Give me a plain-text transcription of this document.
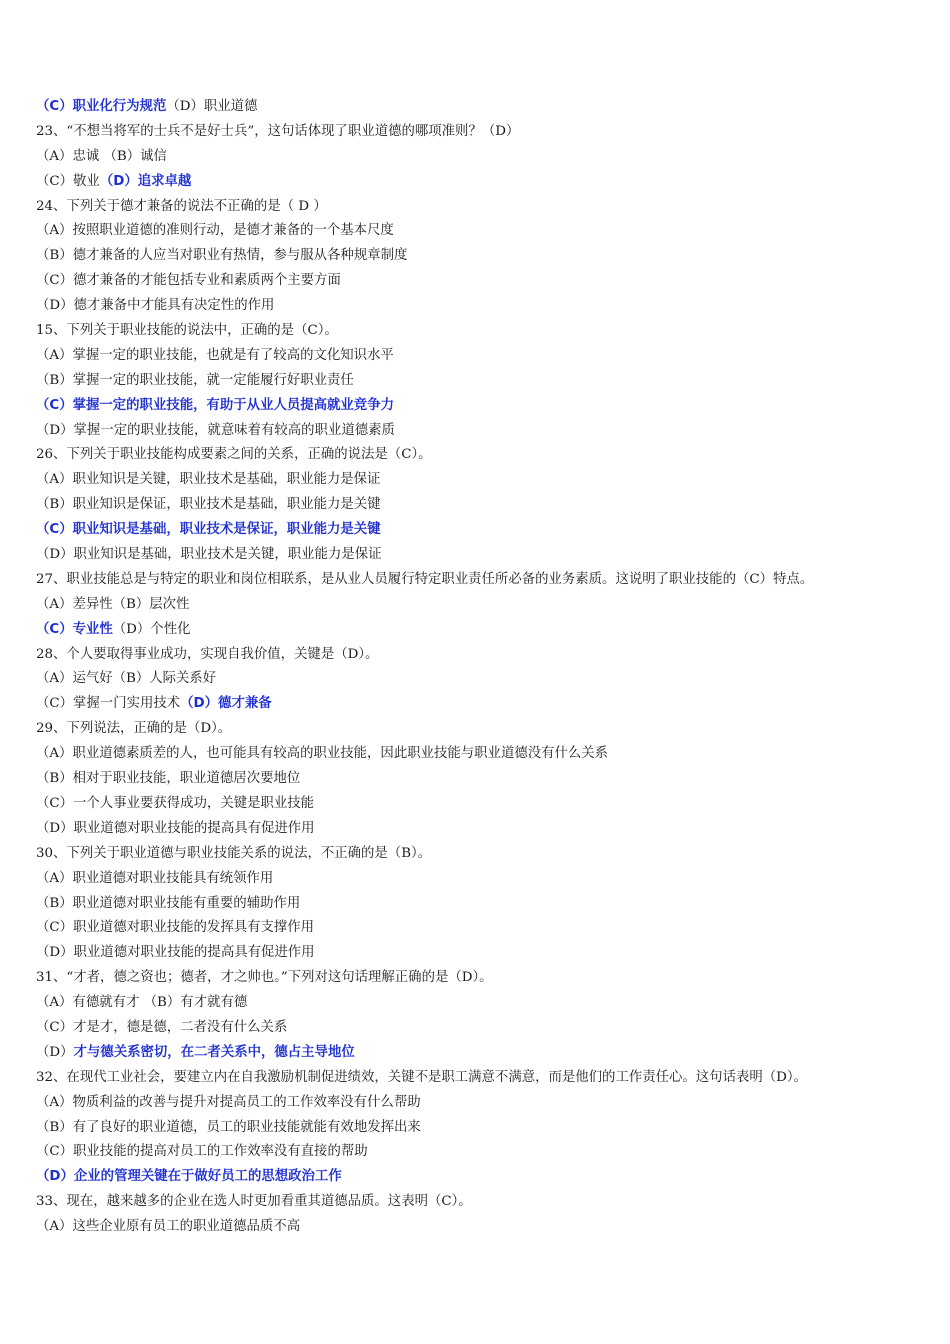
（C）职业化行为规范（D）职业道德
23、“不想当将军的士兵不是好士兵”，这句话体现了职业道德的哪项准则？（D）
（A）忠诚 （B）诚信
（C）敬业（D）追求卓越
24、下列关于德才兼备的说法不正确的是（ D ）
（A）按照职业道德的准则行动，是德才兼备的一个基本尺度
（B）德才兼备的人应当对职业有热情，参与服从各种规章制度
（C）德才兼备的才能包括专业和素质两个主要方面
（D）德才兼备中才能具有决定性的作用
15、下列关于职业技能的说法中，正确的是（C）。
（A）掌握一定的职业技能，也就是有了较高的文化知识水平
（B）掌握一定的职业技能，就一定能履行好职业责任
（C）掌握一定的职业技能，有助于从业人员提高就业竞争力
（D）掌握一定的职业技能，就意味着有较高的职业道德素质
26、下列关于职业技能构成要素之间的关系，正确的说法是（C）。
（A）职业知识是关键，职业技术是基础，职业能力是保证
（B）职业知识是保证，职业技术是基础，职业能力是关键
（C）职业知识是基础，职业技术是保证，职业能力是关键
（D）职业知识是基础，职业技术是关键，职业能力是保证
27、职业技能总是与特定的职业和岗位相联系，是从业人员履行特定职业责任所必备的业务素质。这说明了职业技能的（C）特点。
（A）差异性（B）层次性
（C）专业性（D）个性化
28、个人要取得事业成功，实现自我价值，关键是（D）。
（A）运气好（B）人际关系好
（C）掌握一门实用技术（D）德才兼备
29、下列说法，正确的是（D）。
（A）职业道德素质差的人，也可能具有较高的职业技能，因此职业技能与职业道德没有什么关系
（B）相对于职业技能，职业道德居次要地位
（C）一个人事业要获得成功，关键是职业技能
（D）职业道德对职业技能的提高具有促进作用
30、下列关于职业道德与职业技能关系的说法，不正确的是（B）。
（A）职业道德对职业技能具有统领作用
（B）职业道德对职业技能有重要的辅助作用
（C）职业道德对职业技能的发挥具有支撑作用
（D）职业道德对职业技能的提高具有促进作用
31、“才者，德之资也；德者，才之帅也。”下列对这句话理解正确的是（D）。
（A）有德就有才 （B）有才就有德
（C）才是才，德是德，二者没有什么关系
（D）才与德关系密切，在二者关系中，德占主导地位
32、在现代工业社会，要建立内在自我激励机制促进绩效，关键不是职工满意不满意，而是他们的工作责任心。这句话表明（D）。
（A）物质利益的改善与提升对提高员工的工作效率没有什么帮助
（B）有了良好的职业道德，员工的职业技能就能有效地发挥出来
（C）职业技能的提高对员工的工作效率没有直接的帮助
（D）企业的管理关键在于做好员工的思想政治工作
33、现在，越来越多的企业在选人时更加看重其道德品质。这表明（C）。
（A）这些企业原有员工的职业道德品质不高
